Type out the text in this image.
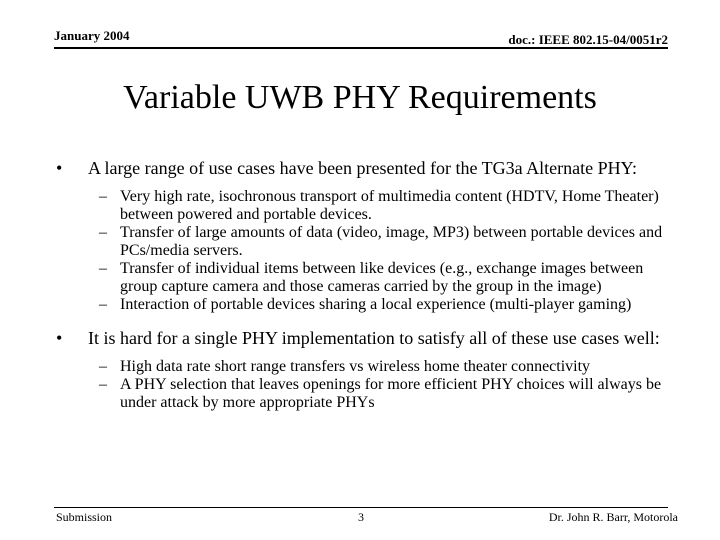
January 2004	doc.: IEEE 802.15-04/0051r2
Variable UWB PHY Requirements
• A large range of use cases have been presented for the TG3a Alternate PHY:
– Very high rate, isochronous transport of multimedia content (HDTV, Home Theater) between powered and portable devices.
– Transfer of large amounts of data (video, image, MP3) between portable devices and PCs/media servers.
– Transfer of individual items between like devices (e.g., exchange images between group capture camera and those cameras carried by the group in the image)
– Interaction of portable devices sharing a local experience (multi-player gaming)
• It is hard for a single PHY implementation to satisfy all of these use cases well:
– High data rate short range transfers vs wireless home theater connectivity
– A PHY selection that leaves openings for more efficient PHY choices will always be under attack by more appropriate PHYs
Submission	3	Dr. John R. Barr, Motorola
